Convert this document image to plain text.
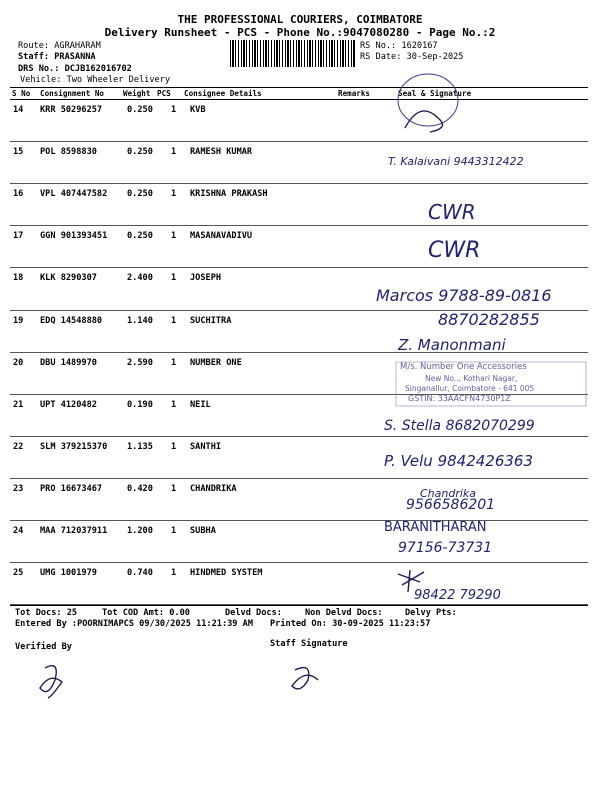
THE PROFESSIONAL COURIERS, COIMBATORE
Delivery Runsheet - PCS - Phone No.:9047080280 - Page No.:2
Route: AGRAHARAM
Staff: PRASANNA
DRS No.: DCJB162016702
Vehicle: Two Wheeler Delivery
RS No.: 1620167
RS Date: 30-Sep-2025
S No Consignment No Weight PCS Consignee Details	Remarks	Seal & Signature
14 KRR 50296257	0.250 1 KVB
15 POL 8598830	0.250 1 RAMESH KUMAR
16 VPL 407447582 0.250 1 KRISHNA PRAKASH
17 GGN 901393451 0.250 1 MASANAVADIVU
18 KLK 8290307	2.400 1 JOSEPH
19 EDQ 14548880	1.140 1 SUCHITRA
20 DBU 1489970	2.590 1 NUMBER ONE
21 UPT 4120482	0.190 1 NEIL
22 SLM 379215370 1.135 1 SANTHI
23 PRO 16673467	0.420 1 CHANDRIKA
24 MAA 712037911 1.200 1 SUBHA
25 UMG 1001979	0.740 1 HINDMED SYSTEM
T. Kalaivani 9443312422
CWR
CWR
Marcos 9788-89-0816
8870282855
Z. Manonmani
M/s. Number One Accessories
New No.., Kothari Nagar,
Singanallur, Coimbatore - 641 005
GSTIN: 33AACFN4730P1Z
S. Stella 8682070299
P. Velu 9842426363
Chandrika
9566586201
BARANITHARAN
97156-73731
98422 79290
Tot Docs: 25	Tot COD Amt: 0.00	Delvd Docs:	Non Delvd Docs:	Delvy Pts:
Entered By :POORNIMAPCS 09/30/2025 11:21:39 AM Printed On: 30-09-2025 11:23:57
Verified By	Staff Signature
